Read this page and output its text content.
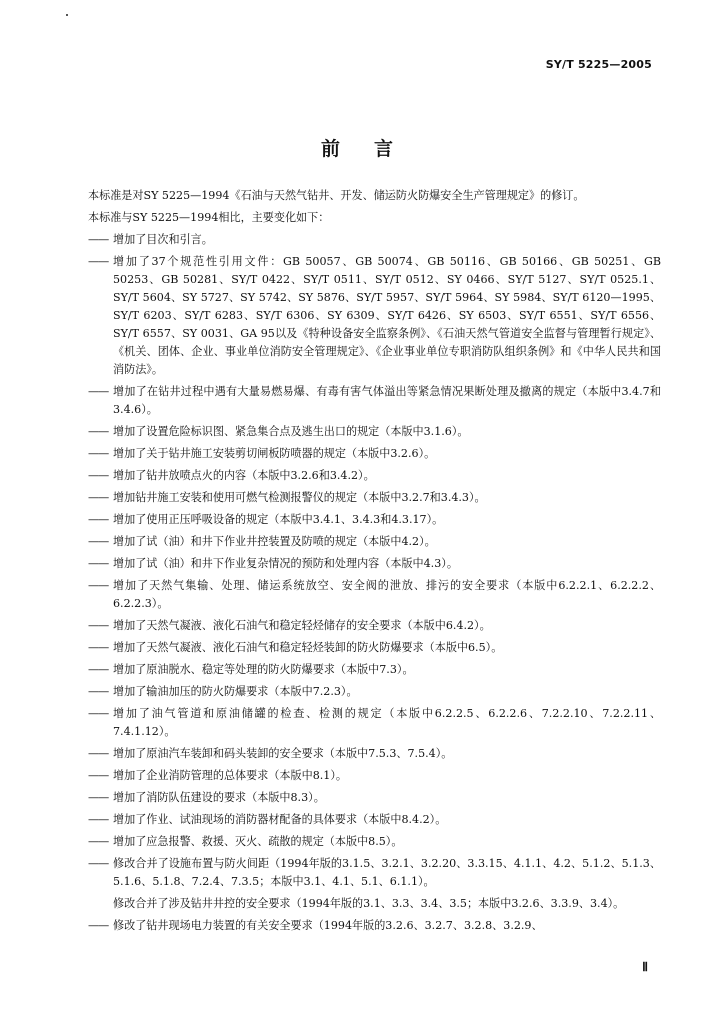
SY/T 5225—2005
前言

本标准是对SY 5225—1994《石油与天然气钻井、开发、储运防火防爆安全生产管理规定》的修订。

本标准与SY 5225—1994相比，主要变化如下：

—— 增加了目次和引言。
—— 增加了37个规范性引用文件：GB 50057、GB 50074、GB 50116、GB 50166、GB 50251、GB 50253、GB 50281、SY/T 0422、SY/T 0511、SY/T 0512、SY 0466、SY/T 5127、SY/T 0525.1、SY/T 5604、SY 5727、SY 5742、SY 5876、SY/T 5957、SY/T 5964、SY 5984、SY/T 6120—1995、SY/T 6203、SY/T 6283、SY/T 6306、SY 6309、SY/T 6426、SY 6503、SY/T 6551、SY/T 6556、SY/T 6557、SY 0031、GA 95以及《特种设备安全监察条例》、《石油天然气管道安全监督与管理暂行规定》、《机关、团体、企业、事业单位消防安全管理规定》、《企业事业单位专职消防队组织条例》和《中华人民共和国消防法》。
—— 增加了在钻井过程中遇有大量易燃易爆、有毒有害气体溢出等紧急情况果断处理及撤离的规定（本版中3.4.7和3.4.6）。
—— 增加了设置危险标识图、紧急集合点及逃生出口的规定（本版中3.1.6）。
—— 增加了关于钻井施工安装剪切闸板防喷器的规定（本版中3.2.6）。
—— 增加了钻井放喷点火的内容（本版中3.2.6和3.4.2）。
—— 增加钻井施工安装和使用可燃气检测报警仪的规定（本版中3.2.7和3.4.3）。
—— 增加了使用正压呼吸设备的规定（本版中3.4.1、3.4.3和4.3.17）。
—— 增加了试（油）和井下作业井控装置及防喷的规定（本版中4.2）。
—— 增加了试（油）和井下作业复杂情况的预防和处理内容（本版中4.3）。
—— 增加了天然气集输、处理、储运系统放空、安全阀的泄放、排污的安全要求（本版中6.2.2.1、6.2.2.2、6.2.2.3）。
—— 增加了天然气凝液、液化石油气和稳定轻烃储存的安全要求（本版中6.4.2）。
—— 增加了天然气凝液、液化石油气和稳定轻烃装卸的防火防爆要求（本版中6.5）。
—— 增加了原油脱水、稳定等处理的防火防爆要求（本版中7.3）。
—— 增加了输油加压的防火防爆要求（本版中7.2.3）。
—— 增加了油气管道和原油储罐的检查、检测的规定（本版中6.2.2.5、6.2.2.6、7.2.2.10、7.2.2.11、7.4.1.12）。
—— 增加了原油汽车装卸和码头装卸的安全要求（本版中7.5.3、7.5.4）。
—— 增加了企业消防管理的总体要求（本版中8.1）。
—— 增加了消防队伍建设的要求（本版中8.3）。
—— 增加了作业、试油现场的消防器材配备的具体要求（本版中8.4.2）。
—— 增加了应急报警、救援、灭火、疏散的规定（本版中8.5）。
—— 修改合并了设施布置与防火间距（1994年版的3.1.5、3.2.1、3.2.20、3.3.15、4.1.1、4.2、5.1.2、5.1.3、5.1.6、5.1.8、7.2.4、7.3.5；本版中3.1、4.1、5.1、6.1.1）。

修改合并了涉及钻井井控的安全要求（1994年版的3.1、3.3、3.4、3.5；本版中3.2.6、3.3.9、3.4）。

—— 修改了钻井现场电力装置的有关安全要求（1994年版的3.2.6、3.2.7、3.2.8、3.2.9、
Ⅱ
